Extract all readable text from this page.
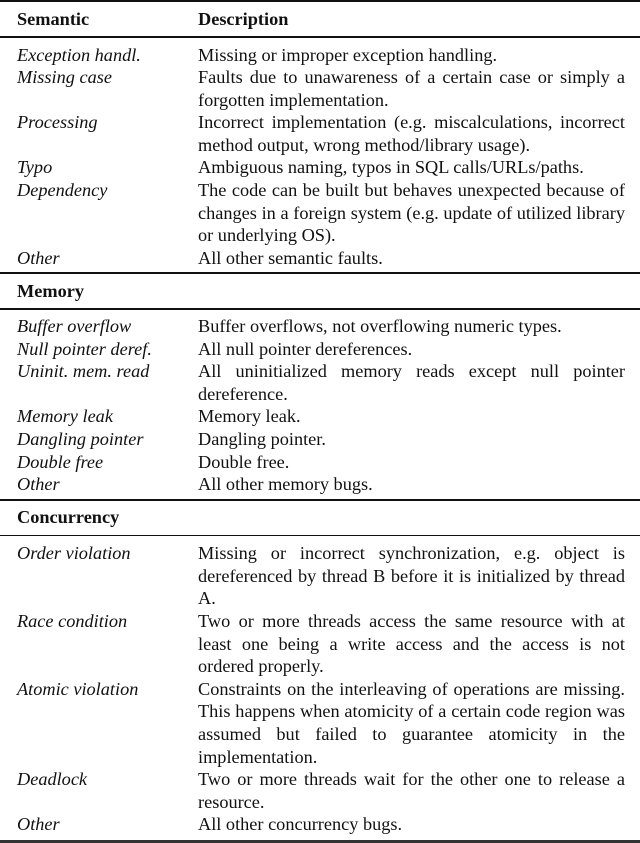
Semantic	Description
Exception handl.	Missing or improper exception handling.
Missing case	Faults due to unawareness of a certain case or simply a forgotten implementation.
Processing	Incorrect implementation (e.g. miscalculations, incorrect method output, wrong method/library usage).
Typo	Ambiguous naming, typos in SQL calls/URLs/paths.
Dependency	The code can be built but behaves unexpected because of changes in a foreign system (e.g. update of utilized library or underlying OS).
Other	All other semantic faults.
Memory
Buffer overflow	Buffer overflows, not overflowing numeric types.
Null pointer deref.	All null pointer dereferences.
Uninit. mem. read	All uninitialized memory reads except null pointer dereference.
Memory leak	Memory leak.
Dangling pointer	Dangling pointer.
Double free	Double free.
Other	All other memory bugs.
Concurrency
Order violation	Missing or incorrect synchronization, e.g. object is dereferenced by thread B before it is initialized by thread A.
Race condition	Two or more threads access the same resource with at least one being a write access and the access is not ordered properly.
Atomic violation	Constraints on the interleaving of operations are missing. This happens when atomicity of a certain code region was assumed but failed to guarantee atomicity in the implementation.
Deadlock	Two or more threads wait for the other one to release a resource.
Other	All other concurrency bugs.
